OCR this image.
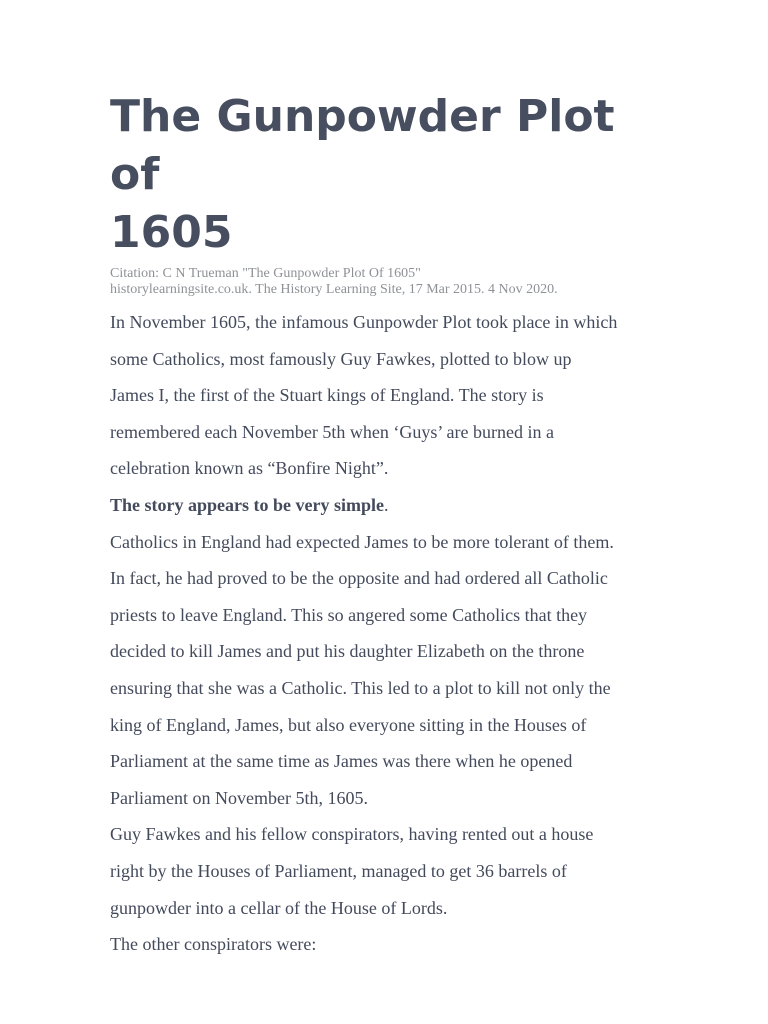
The Gunpowder Plot of
1605
Citation: C N Trueman "The Gunpowder Plot Of 1605"
historylearningsite.co.uk. The History Learning Site, 17 Mar 2015. 4 Nov 2020.

In November 1605, the infamous Gunpowder Plot took place in which
some Catholics, most famously Guy Fawkes, plotted to blow up
James I, the first of the Stuart kings of England. The story is
remembered each November 5th when ‘Guys’ are burned in a
celebration known as “Bonfire Night”.

The story appears to be very simple.

Catholics in England had expected James to be more tolerant of them.
In fact, he had proved to be the opposite and had ordered all Catholic
priests to leave England. This so angered some Catholics that they
decided to kill James and put his daughter Elizabeth on the throne
ensuring that she was a Catholic. This led to a plot to kill not only the
king of England, James, but also everyone sitting in the Houses of
Parliament at the same time as James was there when he opened
Parliament on November 5th, 1605.

Guy Fawkes and his fellow conspirators, having rented out a house
right by the Houses of Parliament, managed to get 36 barrels of
gunpowder into a cellar of the House of Lords.

The other conspirators were:
